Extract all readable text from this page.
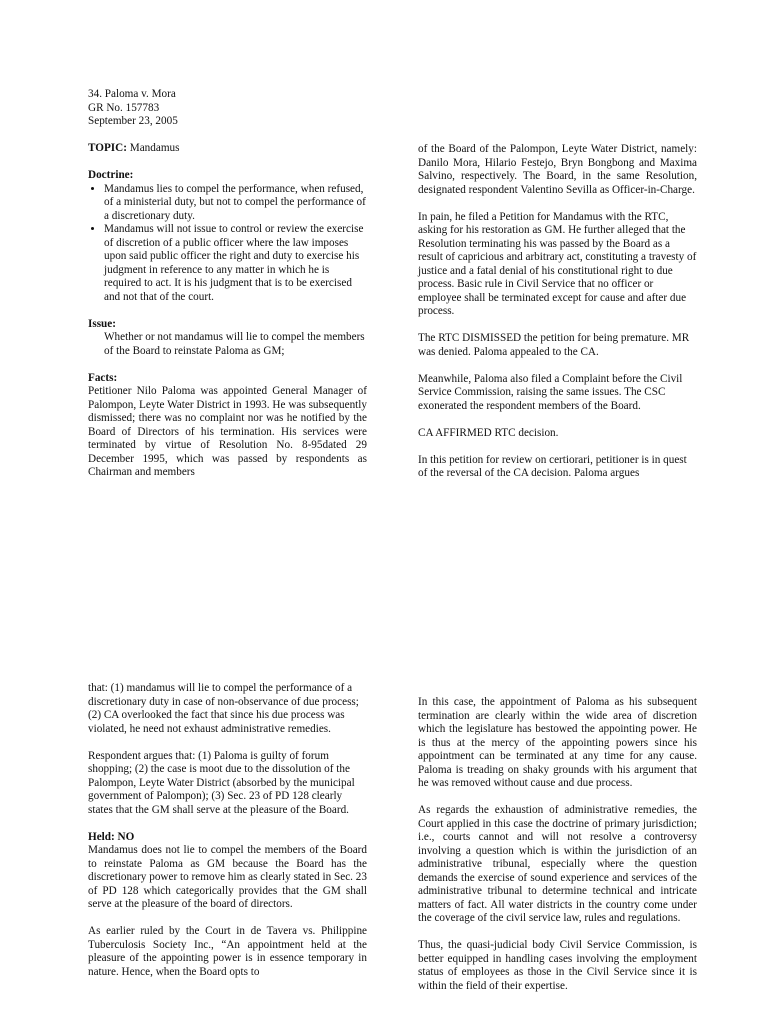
34. Paloma v. Mora

GR No. 157783

September 23, 2005

TOPIC: Mandamus

Doctrine:

• Mandamus lies to compel the performance, when refused, of a ministerial duty, but not to compel the performance of a discretionary duty.
• Mandamus will not issue to control or review the exercise of discretion of a public officer where the law imposes upon said public officer the right and duty to exercise his judgment in reference to any matter in which he is required to act. It is his judgment that is to be exercised and not that of the court.

Issue:

Whether or not mandamus will lie to compel the members of the Board to reinstate Paloma as GM;

Facts:

Petitioner Nilo Paloma was appointed General Manager of Palompon, Leyte Water District in 1993. He was subsequently dismissed; there was no complaint nor was he notified by the Board of Directors of his termination. His services were terminated by virtue of Resolution No. 8-95dated 29 December 1995, which was passed by respondents as Chairman and members

of the Board of the Palompon, Leyte Water District, namely: Danilo Mora, Hilario Festejo, Bryn Bongbong and Maxima Salvino, respectively. The Board, in the same Resolution, designated respondent Valentino Sevilla as Officer-in-Charge.

In pain, he filed a Petition for Mandamus with the RTC, asking for his restoration as GM. He further alleged that the Resolution terminating his was passed by the Board as a result of capricious and arbitrary act, constituting a travesty of justice and a fatal denial of his constitutional right to due process. Basic rule in Civil Service that no officer or employee shall be terminated except for cause and after due process.

The RTC DISMISSED the petition for being premature. MR was denied. Paloma appealed to the CA.

Meanwhile, Paloma also filed a Complaint before the Civil Service Commission, raising the same issues. The CSC exonerated the respondent members of the Board.

CA AFFIRMED RTC decision.

In this petition for review on certiorari, petitioner is in quest of the reversal of the CA decision. Paloma argues

that: (1) mandamus will lie to compel the performance of a discretionary duty in case of non-observance of due process; (2) CA overlooked the fact that since his due process was violated, he need not exhaust administrative remedies.

Respondent argues that: (1) Paloma is guilty of forum shopping; (2) the case is moot due to the dissolution of the Palompon, Leyte Water District (absorbed by the municipal government of Palompon); (3) Sec. 23 of PD 128 clearly states that the GM shall serve at the pleasure of the Board.

Held: NO

Mandamus does not lie to compel the members of the Board to reinstate Paloma as GM because the Board has the discretionary power to remove him as clearly stated in Sec. 23 of PD 128 which categorically provides that the GM shall serve at the pleasure of the board of directors.

As earlier ruled by the Court in de Tavera vs. Philippine Tuberculosis Society Inc., “An appointment held at the pleasure of the appointing power is in essence temporary in nature. Hence, when the Board opts to

In this case, the appointment of Paloma as his subsequent termination are clearly within the wide area of discretion which the legislature has bestowed the appointing power. He is thus at the mercy of the appointing powers since his appointment can be terminated at any time for any cause. Paloma is treading on shaky grounds with his argument that he was removed without cause and due process.

As regards the exhaustion of administrative remedies, the Court applied in this case the doctrine of primary jurisdiction; i.e., courts cannot and will not resolve a controversy involving a question which is within the jurisdiction of an administrative tribunal, especially where the question demands the exercise of sound experience and services of the administrative tribunal to determine technical and intricate matters of fact. All water districts in the country come under the coverage of the civil service law, rules and regulations.

Thus, the quasi-judicial body Civil Service Commission, is better equipped in handling cases involving the employment status of employees as those in the Civil Service since it is within the field of their expertise.
